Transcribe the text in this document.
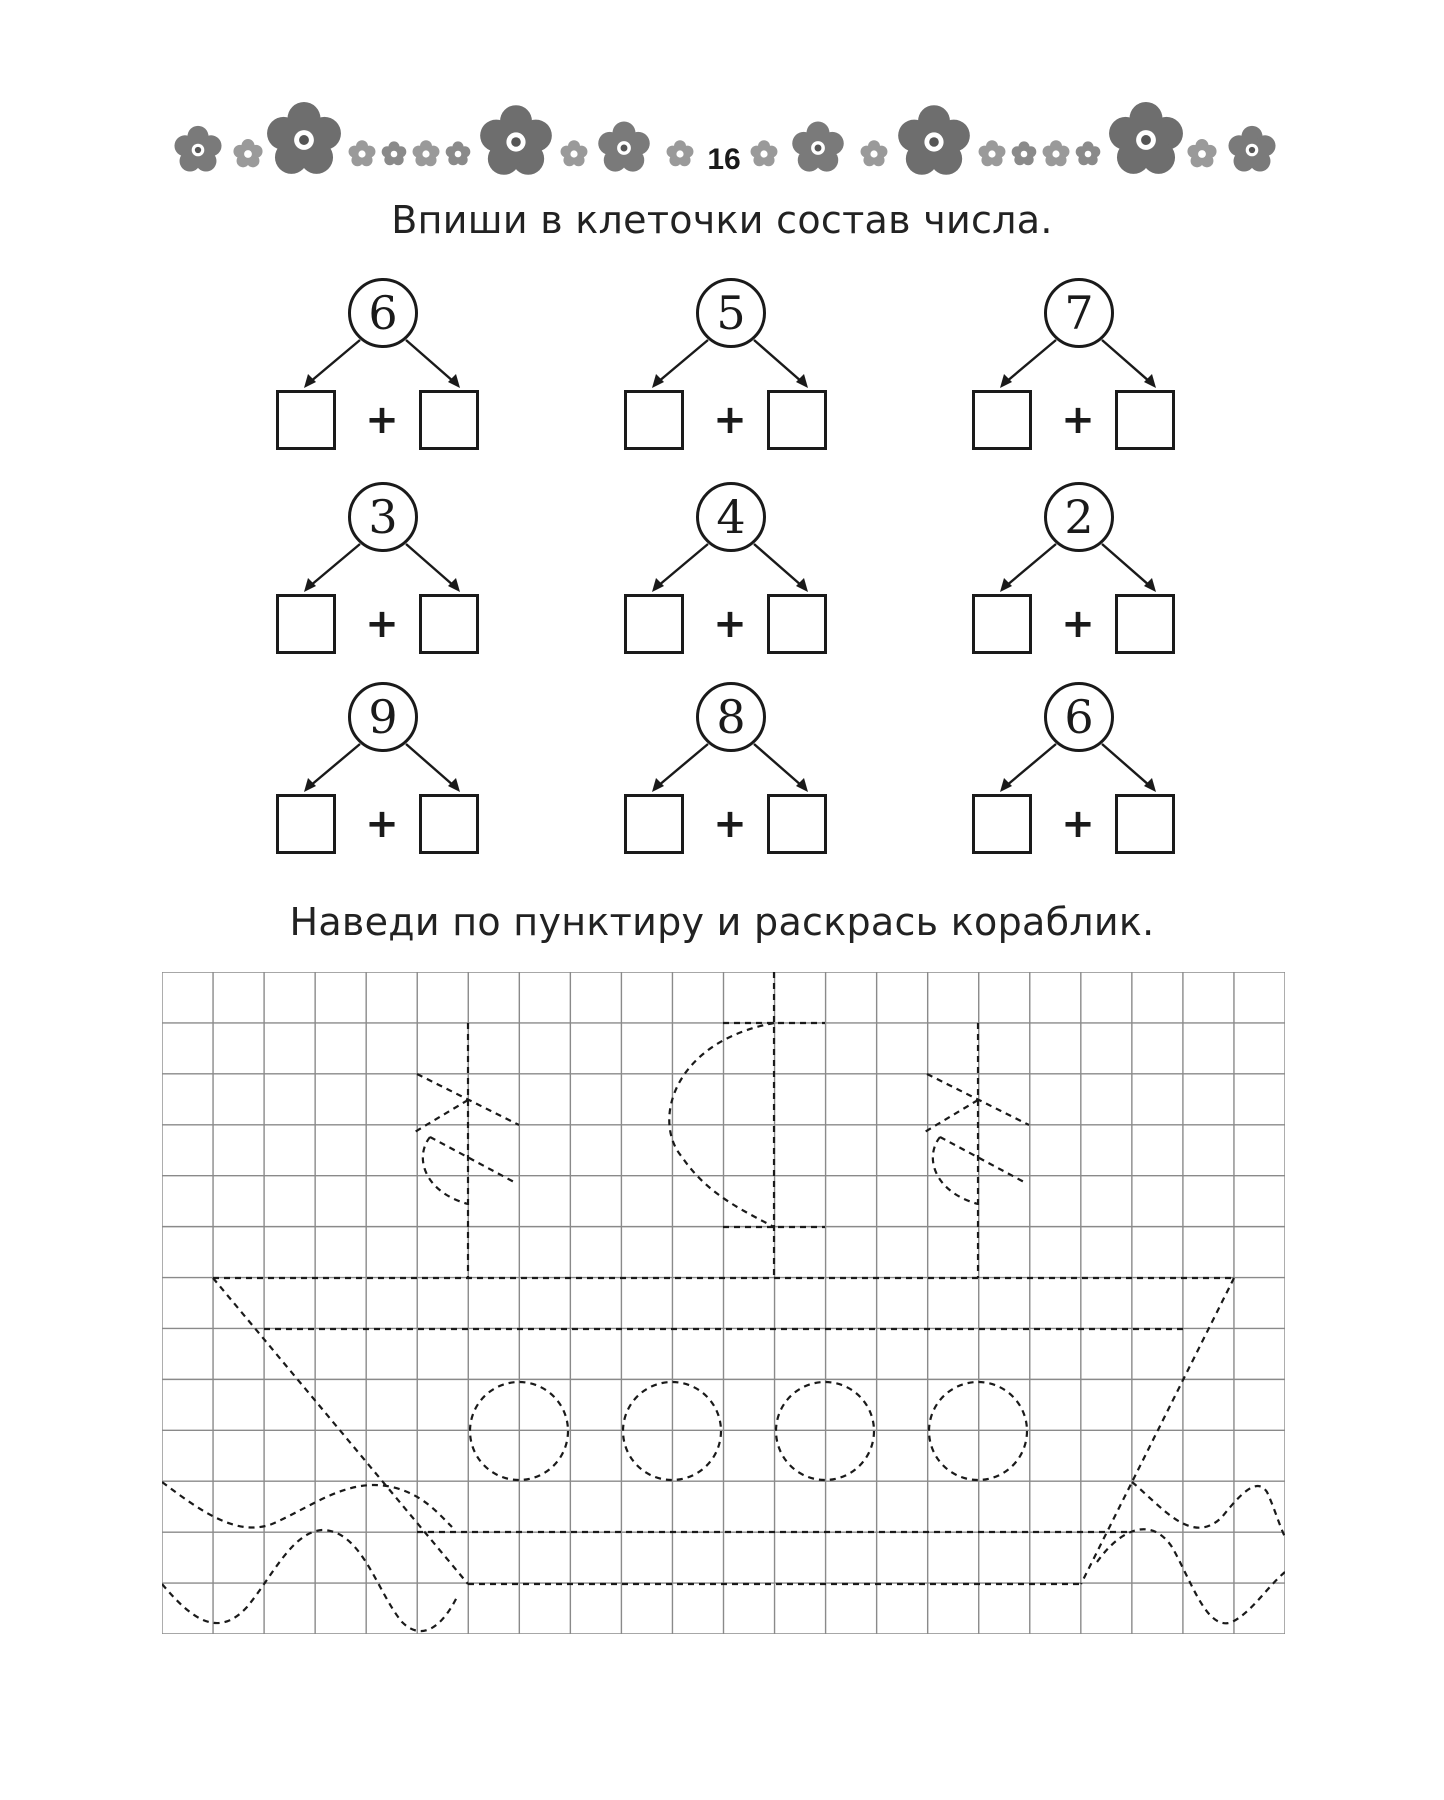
16
Впиши в клеточки состав числа.
6
+
5
+
7
+
3
+
4
+
2
+
9
+
8
+
6
+
Наведи по пунктиру и раскрась кораблик.
